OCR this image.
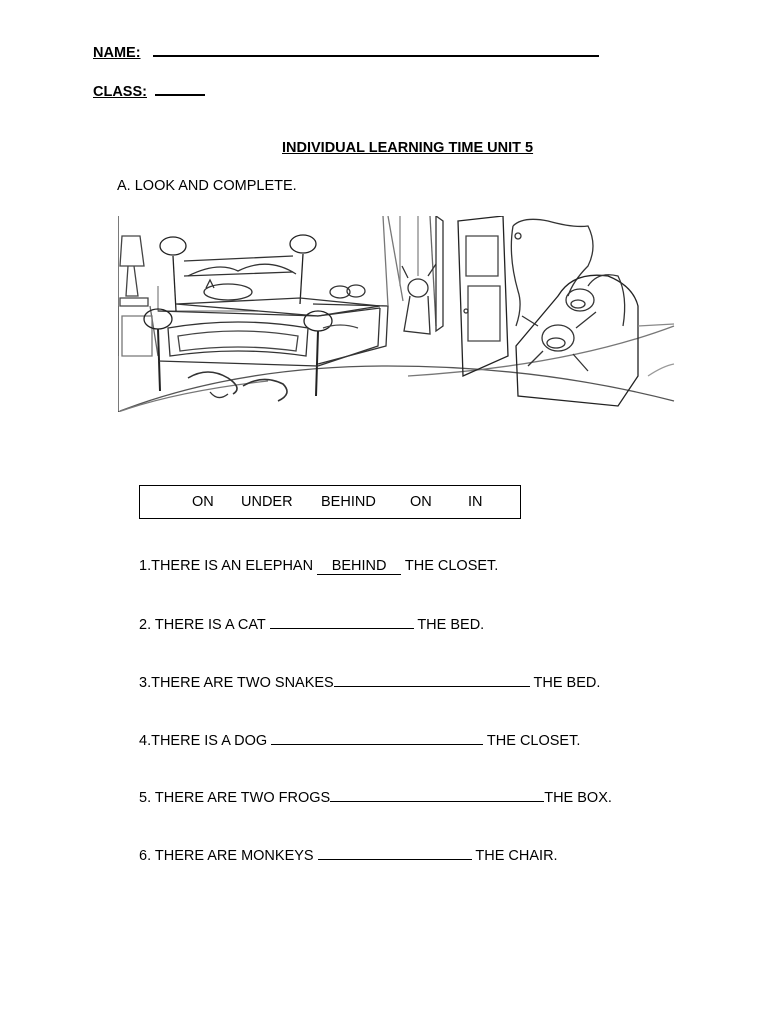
NAME:
CLASS:
INDIVIDUAL LEARNING TIME UNIT 5
A. LOOK AND COMPLETE.
ON UNDER BEHIND ON	IN
1.THERE IS AN ELEPHAN BEHIND THE CLOSET.
2. THERE IS A CAT	THE BED.
3.THERE ARE TWO SNAKES	THE BED.
4.THERE IS A DOG	THE CLOSET.
5. THERE ARE TWO FROGS	THE BOX.
6. THERE ARE MONKEYS	THE CHAIR.
